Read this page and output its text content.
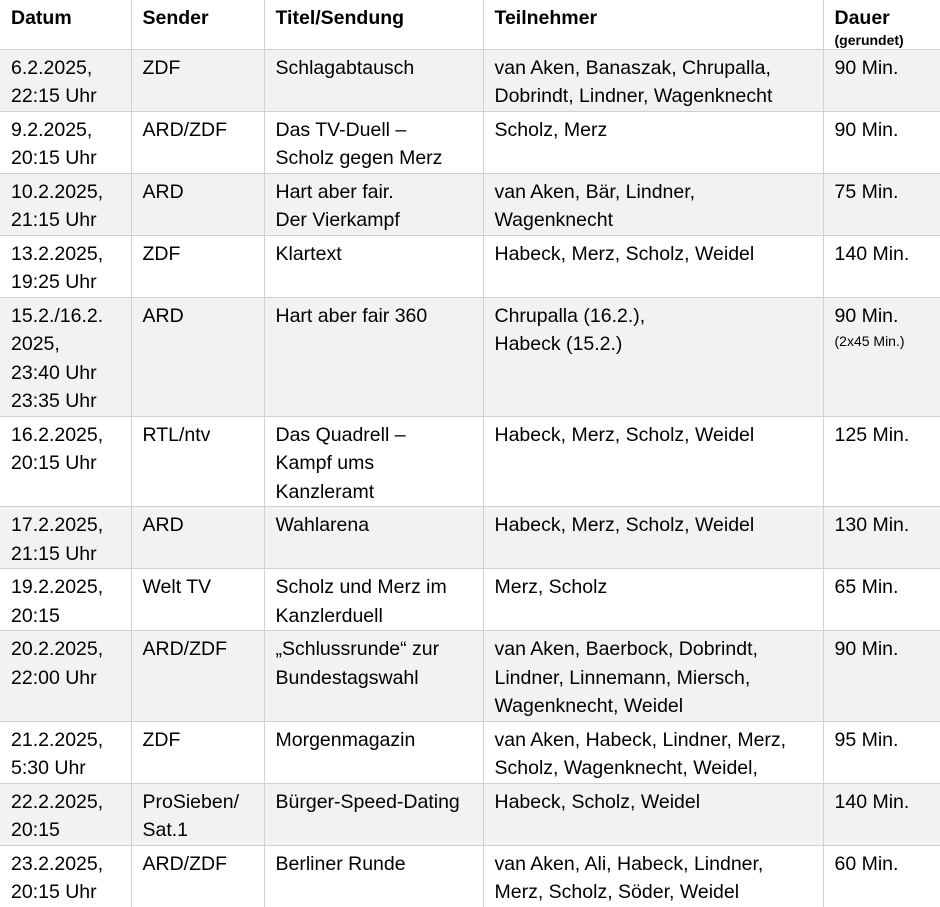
Datum	Sender	Titel/Sendung	Teilnehmer	Dauer
(gerundet)

6.2.2025,
22:15 Uhr	ZDF	Schlagabtausch	van Aken, Banaszak, Chrupalla,
Dobrindt, Lindner, Wagenknecht	90 Min.

9.2.2025,
20:15 Uhr	ARD/ZDF	Das TV-Duell –
Scholz gegen Merz	Scholz, Merz	90 Min.

10.2.2025,
21:15 Uhr	ARD	Hart aber fair.
Der Vierkampf	van Aken, Bär, Lindner,
Wagenknecht	75 Min.

13.2.2025,
19:25 Uhr	ZDF	Klartext	Habeck, Merz, Scholz, Weidel	140 Min.

15.2./16.2.
2025,
23:40 Uhr
23:35 Uhr	ARD	Hart aber fair 360	Chrupalla (16.2.),
Habeck (15.2.)	90 Min.
(2x45 Min.)

16.2.2025,
20:15 Uhr	RTL/ntv	Das Quadrell –
Kampf ums
Kanzleramt	Habeck, Merz, Scholz, Weidel	125 Min.

17.2.2025,
21:15 Uhr	ARD	Wahlarena	Habeck, Merz, Scholz, Weidel	130 Min.

19.2.2025,
20:15	Welt TV	Scholz und Merz im
Kanzlerduell	Merz, Scholz	65 Min.

20.2.2025,
22:00 Uhr	ARD/ZDF	„Schlussrunde“ zur
Bundestagswahl	van Aken, Baerbock, Dobrindt,
Lindner, Linnemann, Miersch,
Wagenknecht, Weidel	90 Min.

21.2.2025,
5:30 Uhr	ZDF	Morgenmagazin	van Aken, Habeck, Lindner, Merz,
Scholz, Wagenknecht, Weidel,	95 Min.

22.2.2025,
20:15	ProSieben/
Sat.1	Bürger-Speed-Dating	Habeck, Scholz, Weidel	140 Min.

23.2.2025,
20:15 Uhr	ARD/ZDF	Berliner Runde	van Aken, Ali, Habeck, Lindner,
Merz, Scholz, Söder, Weidel	60 Min.
